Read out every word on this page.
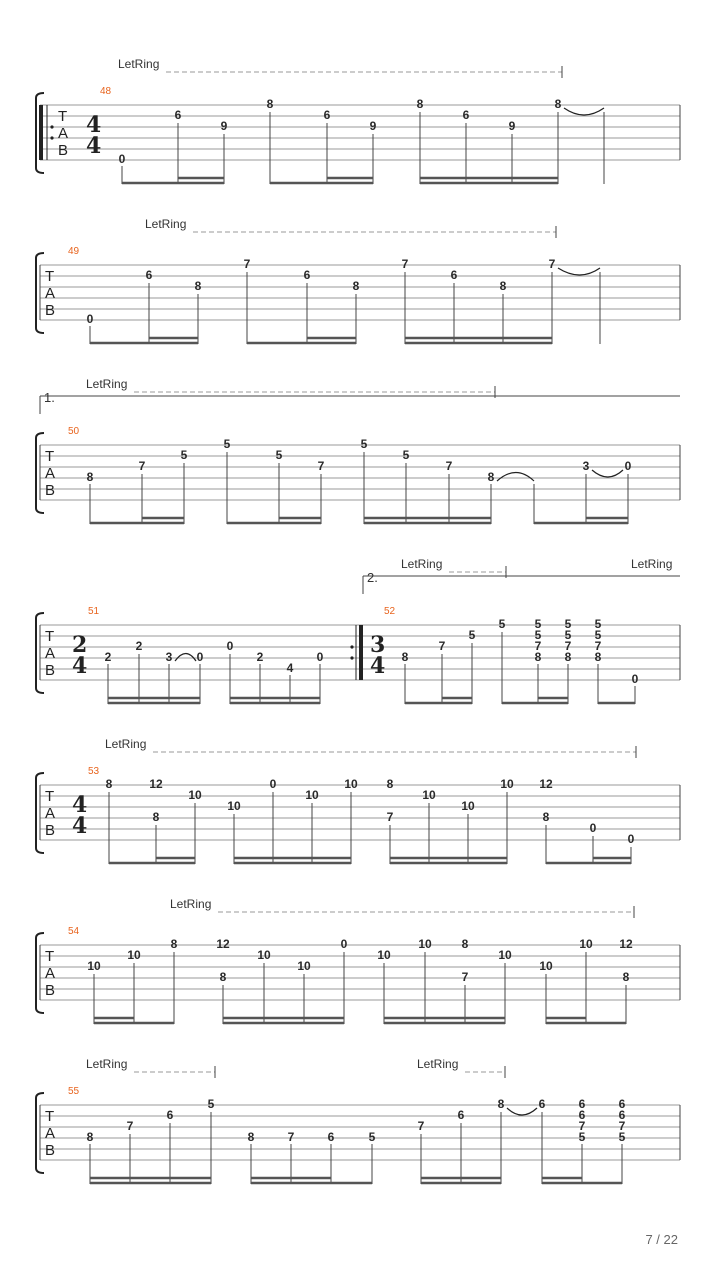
LetRing
48
T
A
B
4
4 0
6
9
8
6
9
8
6
9
8
LetRing
49
T
A
B	0
6
8
7
6
8
7
6
8
7
1.
LetRing
50
T
A
B
8
7
5
5
5
7
5
5
7
8
3	0
2.
LetRing	LetRing
51	52
T
A
B
2
4
3
4
2
2
3 0
0
2
4
0	8
7
5
5 5
5
7
8
5
5
7
8
5
5
7
8
0
LetRing
53
T
A
B
4
4
8	12
8
10
10
0
10
10 8
7
10
10
10 12
8
0
0
LetRing
54
T
A
B
10
10
8	12
8
10
10
0
10
10 8
7
10
10
10 12
8
LetRing	LetRing
55
T
A
B
8
7
6
5
8	7	6	5
7
6
8	6	6
6
7
5
6
6
7
5
7 / 22
